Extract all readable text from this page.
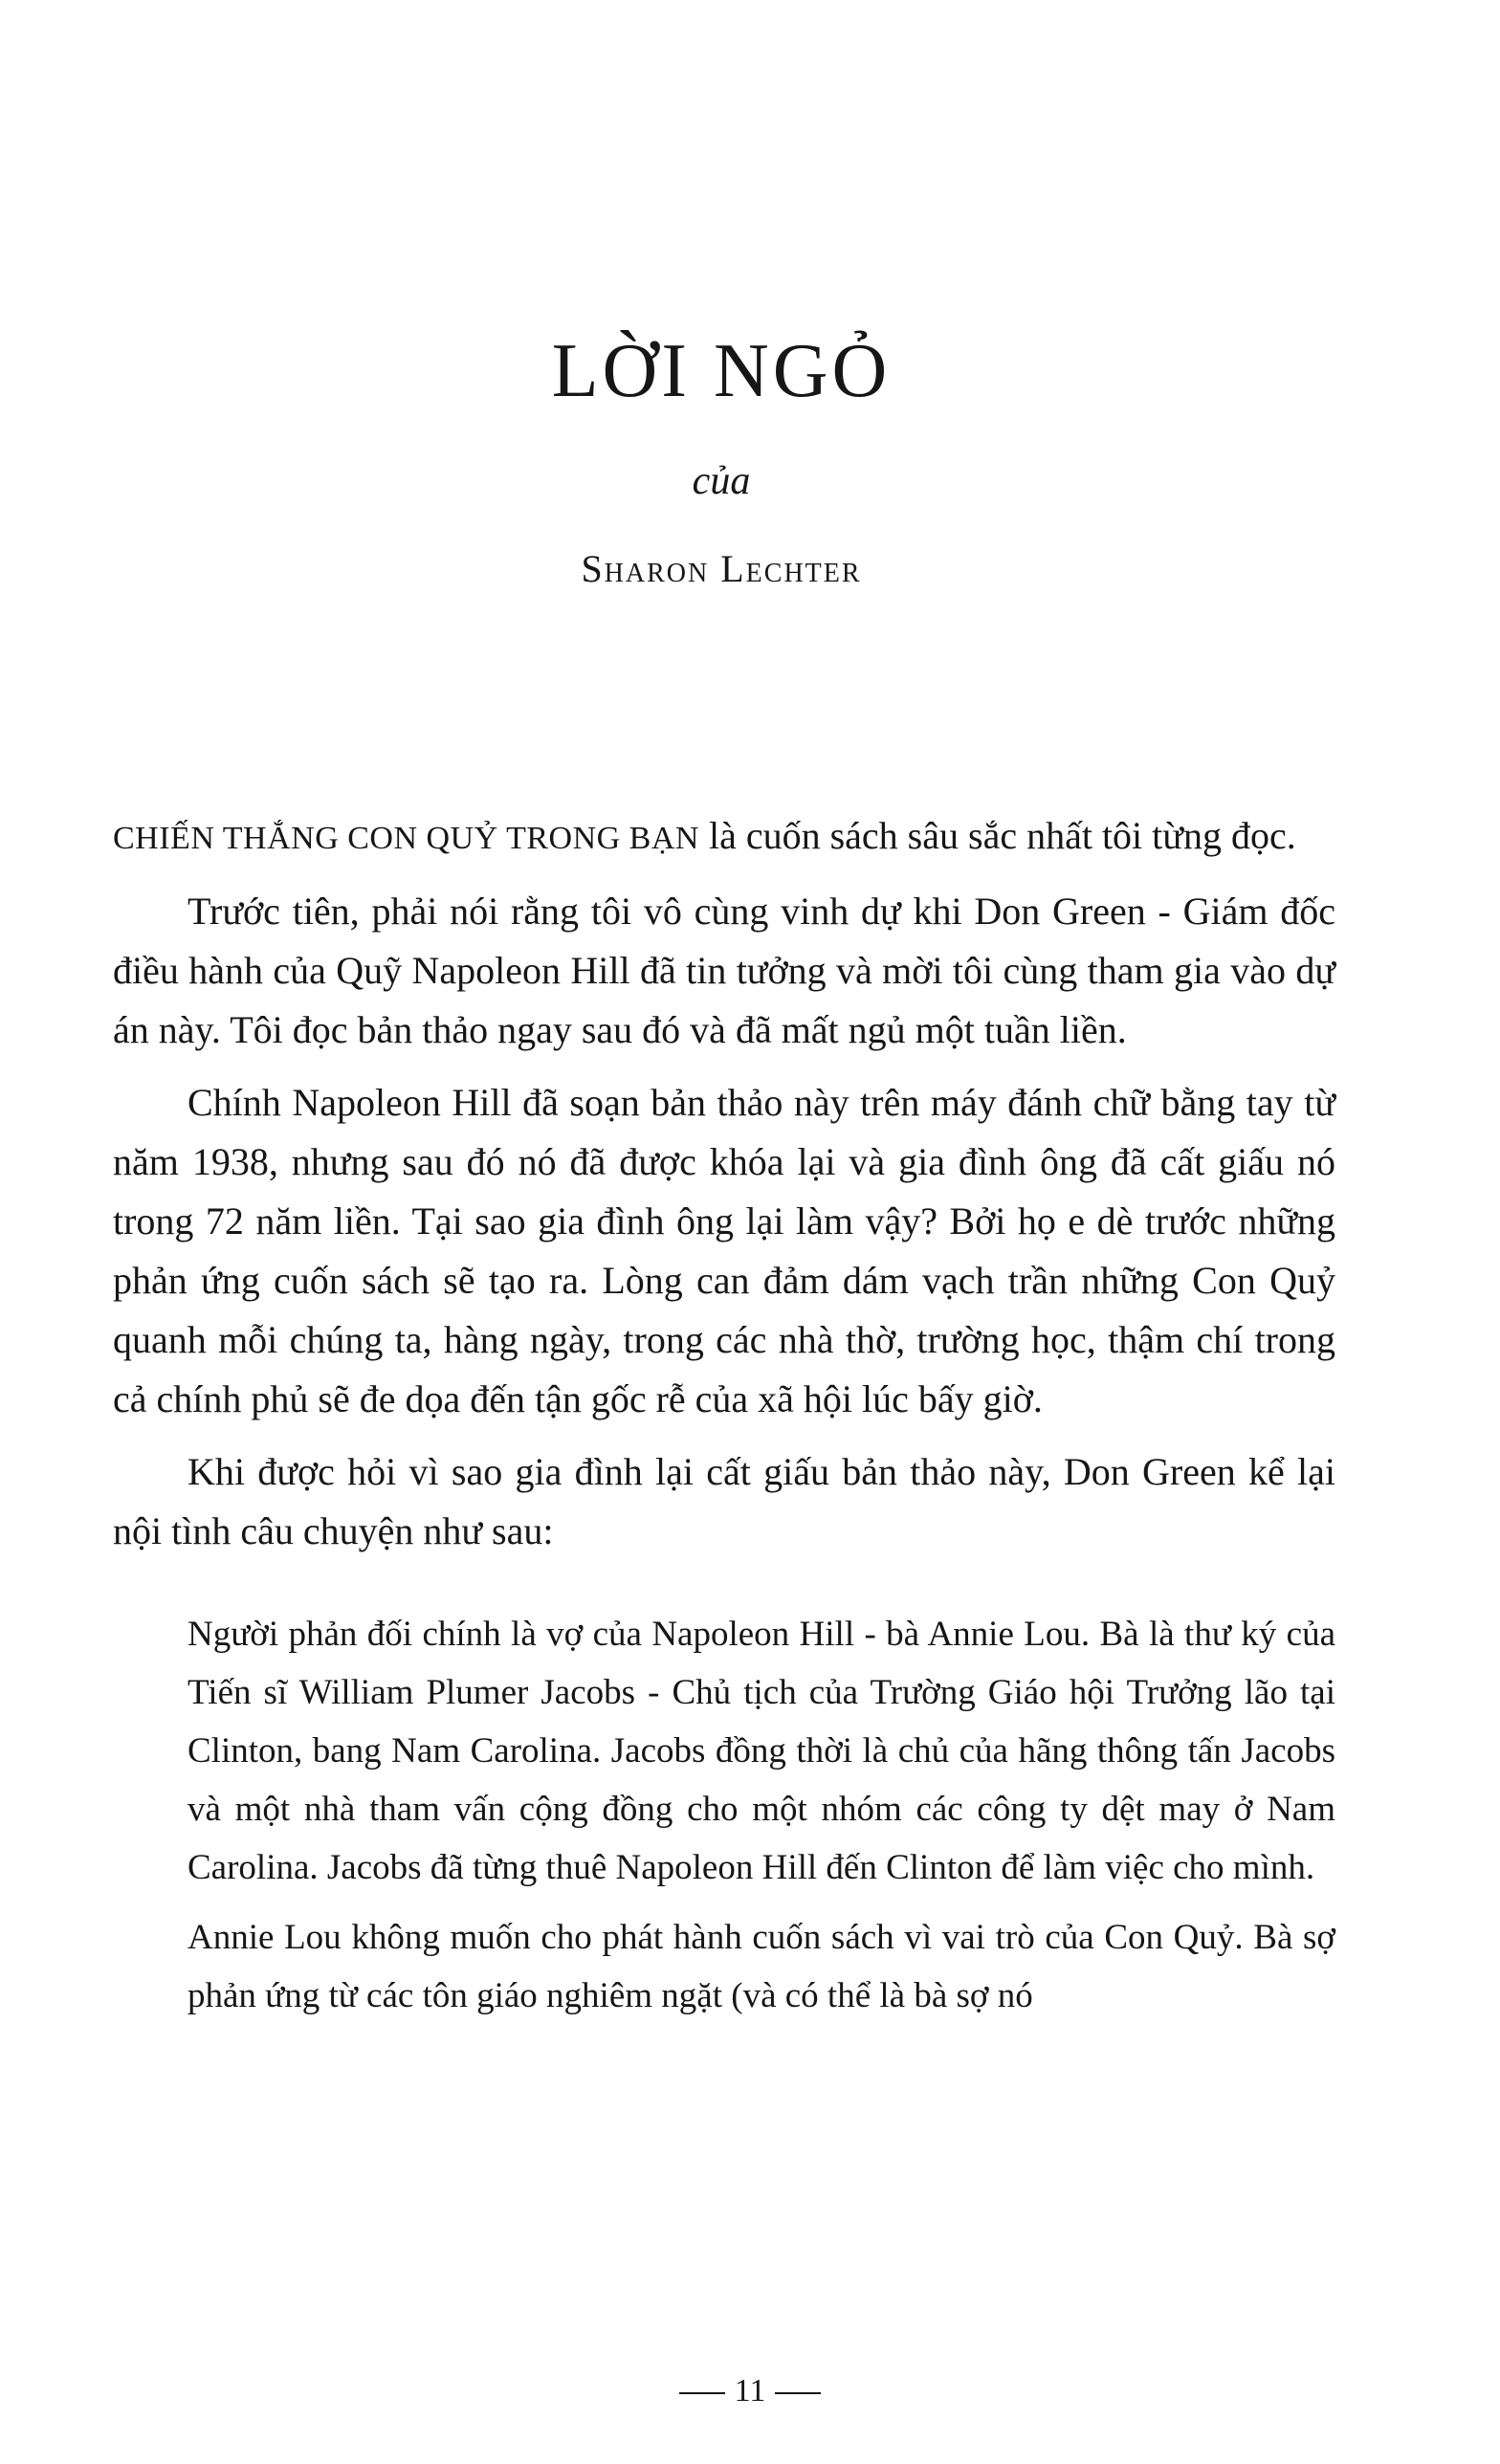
LỜI NGỎ
của
Sharon Lechter

CHIẾN THẮNG CON QUỶ TRONG BẠN là cuốn sách sâu sắc nhất tôi từng đọc.

Trước tiên, phải nói rằng tôi vô cùng vinh dự khi Don Green - Giám đốc điều hành của Quỹ Napoleon Hill đã tin tưởng và mời tôi cùng tham gia vào dự án này. Tôi đọc bản thảo ngay sau đó và đã mất ngủ một tuần liền.

Chính Napoleon Hill đã soạn bản thảo này trên máy đánh chữ bằng tay từ năm 1938, nhưng sau đó nó đã được khóa lại và gia đình ông đã cất giấu nó trong 72 năm liền. Tại sao gia đình ông lại làm vậy? Bởi họ e dè trước những phản ứng cuốn sách sẽ tạo ra. Lòng can đảm dám vạch trần những Con Quỷ quanh mỗi chúng ta, hàng ngày, trong các nhà thờ, trường học, thậm chí trong cả chính phủ sẽ đe dọa đến tận gốc rễ của xã hội lúc bấy giờ.

Khi được hỏi vì sao gia đình lại cất giấu bản thảo này, Don Green kể lại nội tình câu chuyện như sau:

Người phản đối chính là vợ của Napoleon Hill - bà Annie Lou. Bà là thư ký của Tiến sĩ William Plumer Jacobs - Chủ tịch của Trường Giáo hội Trưởng lão tại Clinton, bang Nam Carolina. Jacobs đồng thời là chủ của hãng thông tấn Jacobs và một nhà tham vấn cộng đồng cho một nhóm các công ty dệt may ở Nam Carolina. Jacobs đã từng thuê Napoleon Hill đến Clinton để làm việc cho mình.

Annie Lou không muốn cho phát hành cuốn sách vì vai trò của Con Quỷ. Bà sợ phản ứng từ các tôn giáo nghiêm ngặt (và có thể là bà sợ nó

11
